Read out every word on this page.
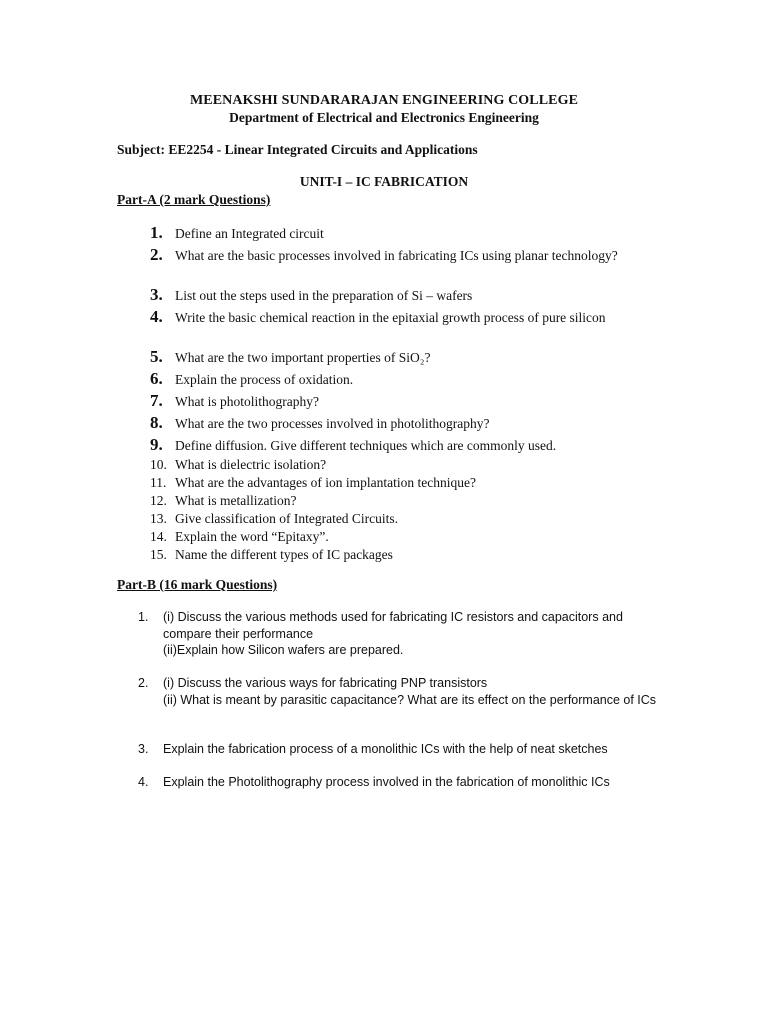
MEENAKSHI SUNDARARAJAN ENGINEERING COLLEGE
Department of Electrical and Electronics Engineering
Subject: EE2254 - Linear Integrated Circuits and Applications
UNIT-I – IC FABRICATION
Part-A (2 mark Questions)
1. Define an Integrated circuit
2. What are the basic processes involved in fabricating ICs using planar technology?
3. List out the steps used in the preparation of Si – wafers
4. Write the basic chemical reaction in the epitaxial growth process of pure silicon
5. What are the two important properties of SiO₂?
6. Explain the process of oxidation.
7. What is photolithography?
8. What are the two processes involved in photolithography?
9. Define diffusion. Give different techniques which are commonly used.
10. What is dielectric isolation?
11. What are the advantages of ion implantation technique?
12. What is metallization?
13. Give classification of Integrated Circuits.
14. Explain the word “Epitaxy”.
15. Name the different types of IC packages
Part-B (16 mark Questions)
1. (i) Discuss the various methods used for fabricating IC resistors and capacitors and compare their performance
(ii)Explain how Silicon wafers are prepared.
2. (i) Discuss the various ways for fabricating PNP transistors
(ii) What is meant by parasitic capacitance? What are its effect on the performance of ICs
3. Explain the fabrication process of a monolithic ICs with the help of neat sketches
4. Explain the Photolithography process involved in the fabrication of monolithic ICs
